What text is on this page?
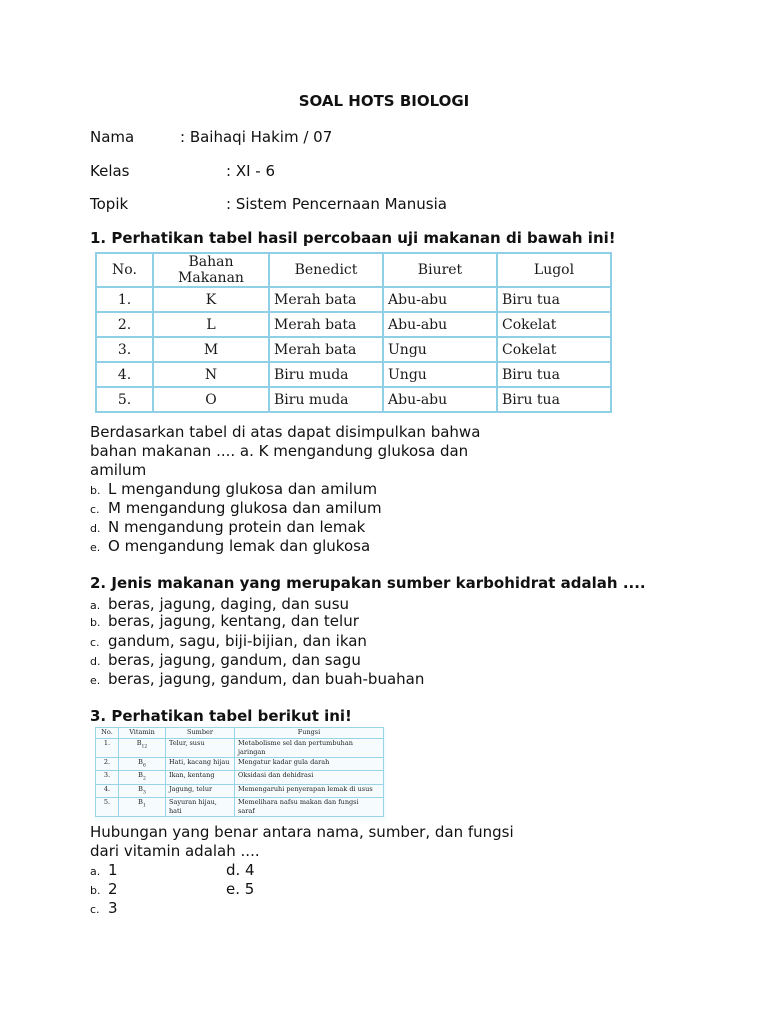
SOAL HOTS BIOLOGI
Nama	: Baihaqi Hakim / 07
Kelas	: XI - 6
Topik	: Sistem Pencernaan Manusia
1. Perhatikan tabel hasil percobaan uji makanan di bawah ini!
No.	Bahan Makanan	Benedict	Biuret	Lugol
1.	K	Merah bata	Abu-abu	Biru tua
2.	L	Merah bata	Abu-abu	Cokelat
3.	M	Merah bata	Ungu	Cokelat
4.	N	Biru muda	Ungu	Biru tua
5.	O	Biru muda	Abu-abu	Biru tua
Berdasarkan tabel di atas dapat disimpulkan bahwa
bahan makanan .... a. K mengandung glukosa dan
amilum
b. L mengandung glukosa dan amilum
c. M mengandung glukosa dan amilum
d. N mengandung protein dan lemak
e. O mengandung lemak dan glukosa
2. Jenis makanan yang merupakan sumber karbohidrat adalah ....
a. beras, jagung, daging, dan susu
b. beras, jagung, kentang, dan telur
c. gandum, sagu, biji-bijian, dan ikan
d. beras, jagung, gandum, dan sagu
e. beras, jagung, gandum, dan buah-buahan
3. Perhatikan tabel berikut ini!
No.	Vitamin	Sumber	Fungsi
1.	$B_{12}$	Telur, susu	Metabolisme sel dan pertumbuhan
jaringan
2.	$B_6$	Hati, kacang hijau	Mengatur kadar gula darah
3.	$B_2$	Ikan, kentang	Oksidasi dan dehidrasi
4.	$B_3$	Jagung, telur	Memengaruhi penyerapan lemak di usus
5.	$B_1$	Sayuran hijau, hati	Memelihara nafsu makan dan fungsi
saraf
Hubungan yang benar antara nama, sumber, dan fungsi
dari vitamin adalah ....
a. 1
b. 2
c. 3
d. 4
e. 5
